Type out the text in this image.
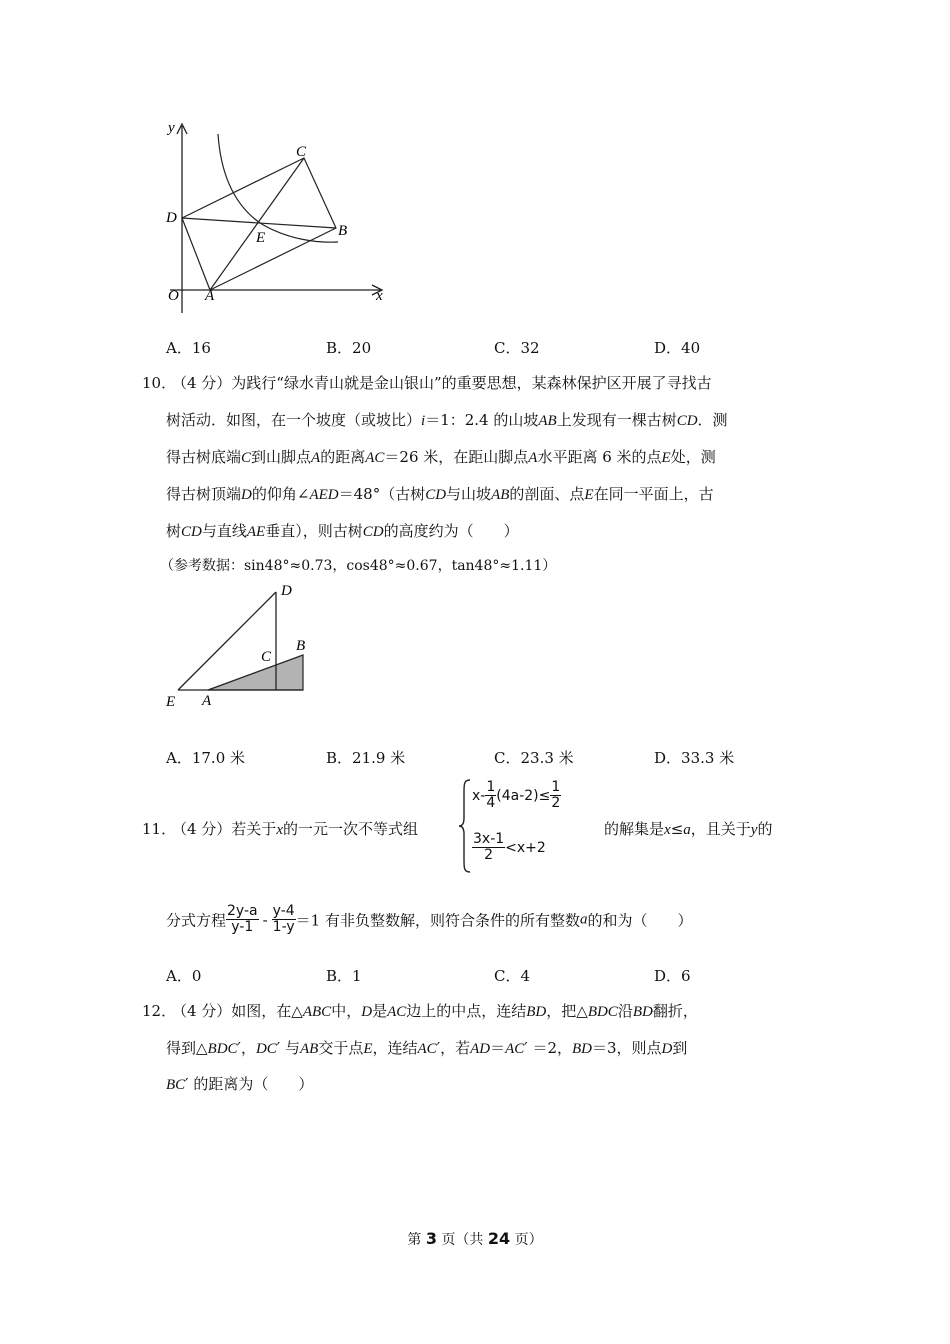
y
x
O A
B
C
D
E
A．16	B．20	C．32	D．40
10．
（4 分）为践行“绿水青山就是金山银山”的重要思想，某森林保护区开展了寻找古
树活动．如图，在一个坡度（或坡比）i＝1：2.4 的山坡AB上发现有一棵古树CD．测
得古树底端C到山脚点A的距离AC＝26 米，在距山脚点A水平距离 6 米的点E处，测
得古树顶端D的仰角∠AED＝48°（古树CD与山坡AB的剖面、点E在同一平面上，古
树CD与直线AE垂直），则古树CD的高度约为（　　）
（参考数据：sin48°≈0.73，cos48°≈0.67，tan48°≈1.11）
D
B
C
E A
A．17.0 米	B．21.9 米	C．23.3 米	D．33.3 米
11．
（4 分）若关于x的一元一次不等式组
$x- \frac{1}{4} (4a-2)\le \frac{1}{2}$
$\frac{3x-1}{2} <x+2$
的解集是x≤a，且关于y的
分式方程 $\frac{2y-a}{y-1} - \frac{y-4}{1-y} =1$ 有非负整数解，则符合条件的所有整数a的和为（　　）
A．0	B．1	C．4	D．6
12．
（4 分）如图，在△ABC中，D是AC边上的中点，连结BD，把△BDC沿BD翻折，
得到△BDC′，DC′ 与AB交于点E，连结AC′，若AD＝AC′ ＝2，BD＝3，则点D到
BC′ 的距离为（　　）
第 3 页（共 24 页）
